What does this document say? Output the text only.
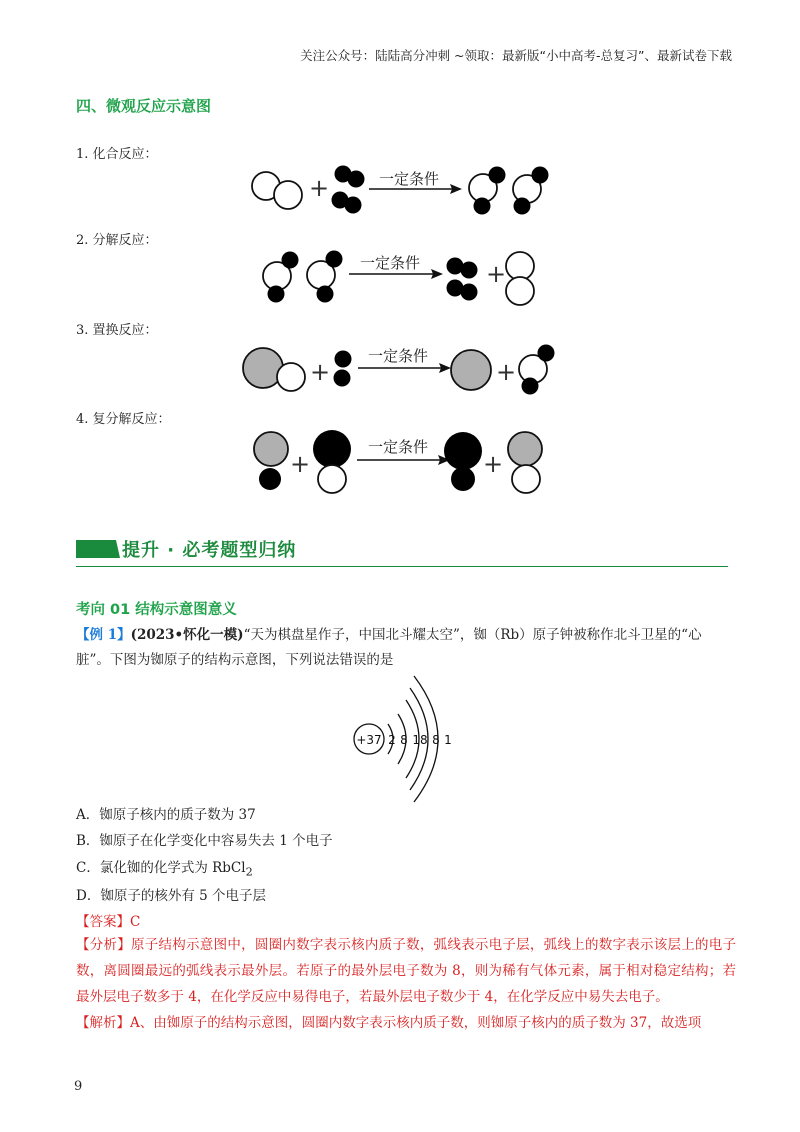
关注公众号：陆陆高分冲刺 ~领取：最新版“小中高考-总复习”、最新试卷下载
四、微观反应示意图
1. 化合反应：
+	一定条件
2. 分解反应：
一定条件	+
3. 置换反应：
+
一定条件
+
4. 复分解反应：
+
一定条件
+
提升 · 必考题型归纳
考向 01 结构示意图意义
【例 1】(2023•怀化一模)“天为棋盘星作子，中国北斗耀太空”，铷（Rb）原子钟被称作北斗卫星的“心
脏”。下图为铷原子的结构示意图，下列说法错误的是
+37 2 8 18 8 1
A．铷原子核内的质子数为 37
B．铷原子在化学变化中容易失去 1 个电子
C．氯化铷的化学式为 RbCl$_2$
D．铷原子的核外有 5 个电子层
【答案】C
【分析】原子结构示意图中，圆圈内数字表示核内质子数，弧线表示电子层，弧线上的数字表示该层上的电子数，离圆圈最远的弧线表示最外层。若原子的最外层电子数为 8，则为稀有气体元素，属于相对稳定结构；若最外层电子数多于 4，在化学反应中易得电子，若最外层电子数少于 4，在化学反应中易失去电子。
【解析】A、由铷原子的结构示意图，圆圈内数字表示核内质子数，则铷原子核内的质子数为 37，故选项
9
